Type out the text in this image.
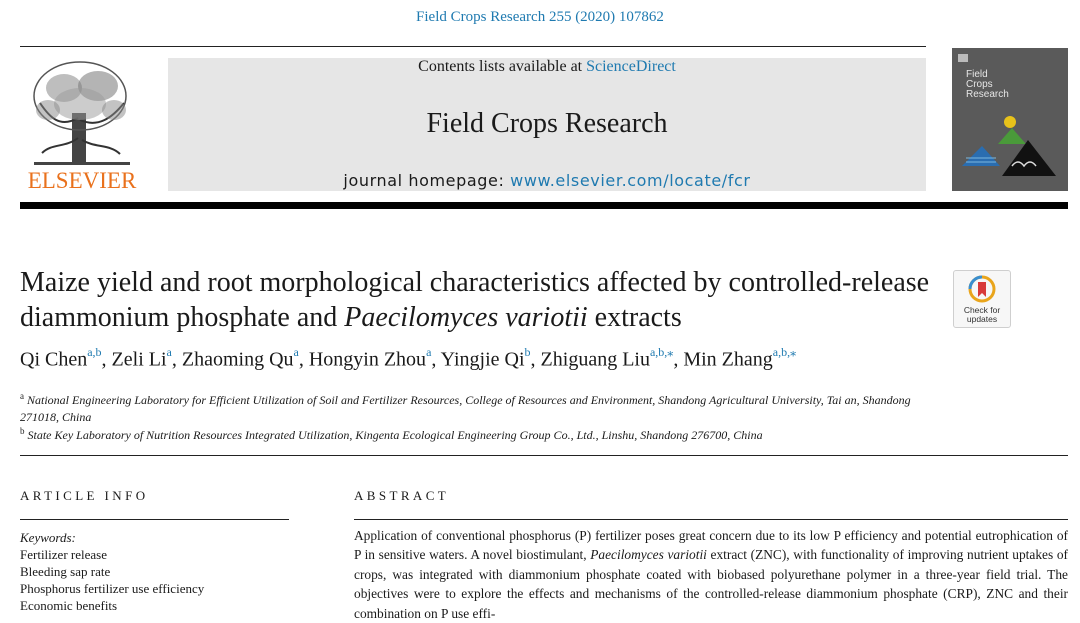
Field Crops Research 255 (2020) 107862
ELSEVIER
Contents lists available at ScienceDirect
Field Crops Research
journal homepage: www.elsevier.com/locate/fcr
Field
Crops
Research
Maize yield and root morphological characteristics affected by controlled-release diammonium phosphate and Paecilomyces variotii extracts	Check for
updates
Qi Chen$^{a,b}$, Zeli Li$^a$, Zhaoming Qu$^a$, Hongyin Zhou$^a$, Yingjie Qi$^b$, Zhiguang Liu$^{a,b,⁎}$, Min Zhang$^{a,b,⁎}$
$^a$ National Engineering Laboratory for Efficient Utilization of Soil and Fertilizer Resources, College of Resources and Environment, Shandong Agricultural University, Tai an, Shandong 271018, China
$^b$ State Key Laboratory of Nutrition Resources Integrated Utilization, Kingenta Ecological Engineering Group Co., Ltd., Linshu, Shandong 276700, China
ARTICLE INFO	ABSTRACT
Keywords:
Fertilizer release
Bleeding sap rate
Phosphorus fertilizer use efficiency
Economic benefits
Application of conventional phosphorus (P) fertilizer poses great concern due to its low P efficiency and potential eutrophication of P in sensitive waters. A novel biostimulant, Paecilomyces variotii extract (ZNC), with functionality of improving nutrient uptakes of crops, was integrated with diammonium phosphate coated with biobased polyurethane polymer in a three-year field trial. The objectives were to explore the effects and mechanisms of the controlled-release diammonium phosphate (CRP), ZNC and their combination on P use effi-
